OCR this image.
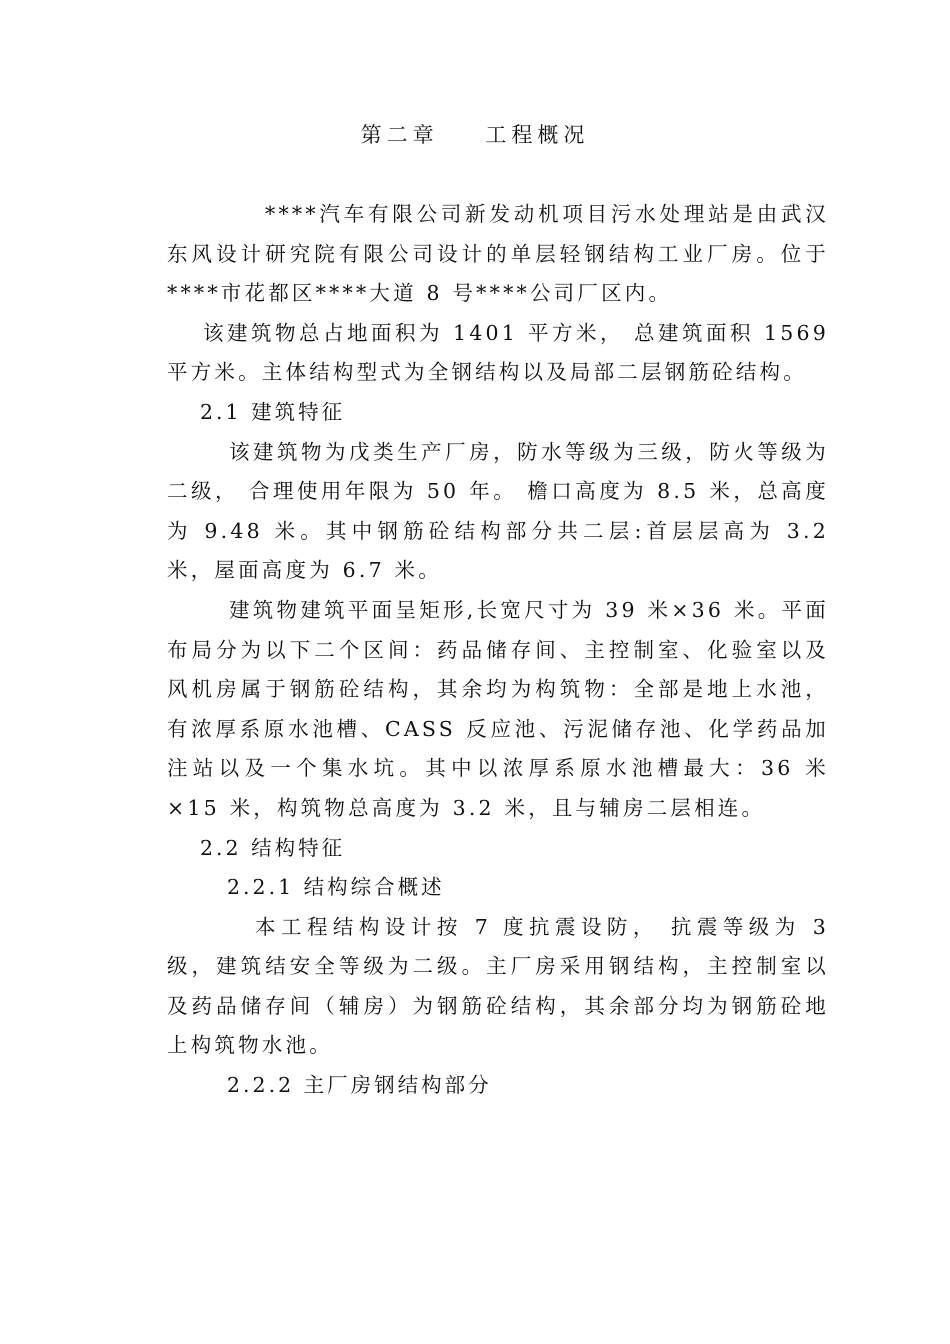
第二章    工程概况

****汽车有限公司新发动机项目污水处理站是由武汉东风设计研究院有限公司设计的单层轻钢结构工业厂房。位于****市花都区****大道 8 号****公司厂区内。

该建筑物总占地面积为 1401 平方米， 总建筑面积 1569 平方米。主体结构型式为全钢结构以及局部二层钢筋砼结构。

2.1 建筑特征

该建筑物为戊类生产厂房，防水等级为三级，防火等级为二级， 合理使用年限为 50 年。 檐口高度为 8.5 米，总高度为 9.48 米。其中钢筋砼结构部分共二层:首层层高为 3.2 米，屋面高度为 6.7 米。

建筑物建筑平面呈矩形,长宽尺寸为 39 米×36 米。平面布局分为以下二个区间：药品储存间、主控制室、化验室以及风机房属于钢筋砼结构，其余均为构筑物：全部是地上水池，有浓厚系原水池槽、CASS 反应池、污泥储存池、化学药品加注站以及一个集水坑。其中以浓厚系原水池槽最大：36 米×15 米，构筑物总高度为 3.2 米，且与辅房二层相连。

2.2 结构特征

2.2.1 结构综合概述

本工程结构设计按 7 度抗震设防， 抗震等级为 3 级，建筑结安全等级为二级。主厂房采用钢结构，主控制室以及药品储存间（辅房）为钢筋砼结构，其余部分均为钢筋砼地上构筑物水池。

2.2.2 主厂房钢结构部分
